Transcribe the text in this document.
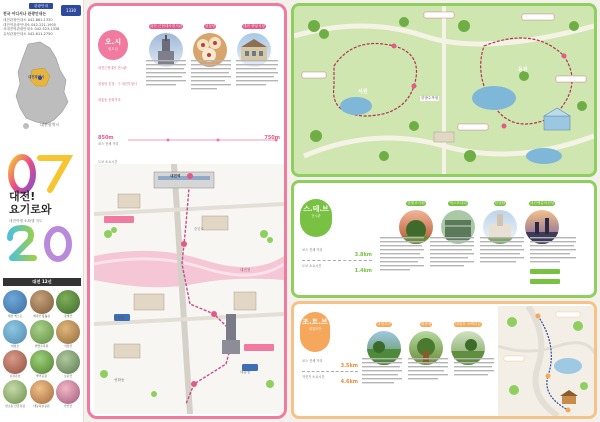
관광안내
전국 어디서나 관광안내는
1330
대전관광안내소 042-861-1330
대전역관광안내소 042-221-1905
서대전역관광안내소 042-523-1338
유성관광안내소 042-611-2750
대전광역시
대전광역시
대전!
요기로와
대전여행 소확행 지도
대전 12선
대전 엑스포	계족산 황톳길	장태산
대청호	한밭수목원	식장산
유성온천	뿌리공원	보문산
상소동 산림욕장	대동하늘공원	만인산
오.시
원도심
대전 근현대사전시관	성심당	대전 중앙시장
대전근현대사 전시관
성심당 본점 · 구 대전부청사
대흥동 문화거리
코스 전체 거리
850m	750m
도보 소요시간
대전역
대전천
은행동
대흥동
선화동
중앙로
서원
동원
한밭수목원
스.테.브
전시관
한빛조각원	엑스포다리	한빛탑	대전예술의전당
코스 전체 거리
3.8km
도보 소요시간
1.4km
조.트.브
대청호반
대청호반	대청댐	대청호 오백리길
코스 전체 거리
3.5km
자전거 소요시간
4.6km
